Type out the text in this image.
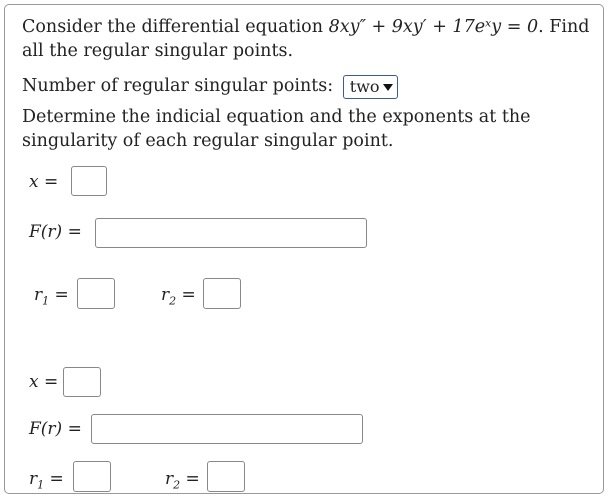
Consider the differential equation 8xy″ + 9xy′ + 17eˣy = 0. Find all the regular singular points.

Number of regular singular points: two
Determine the indicial equation and the exponents at the singularity of each regular singular point.
x =
F(r) =
$r_1$ =	$r_2$ =
x =
F(r) =
$r_1$ =	$r_2$ =
